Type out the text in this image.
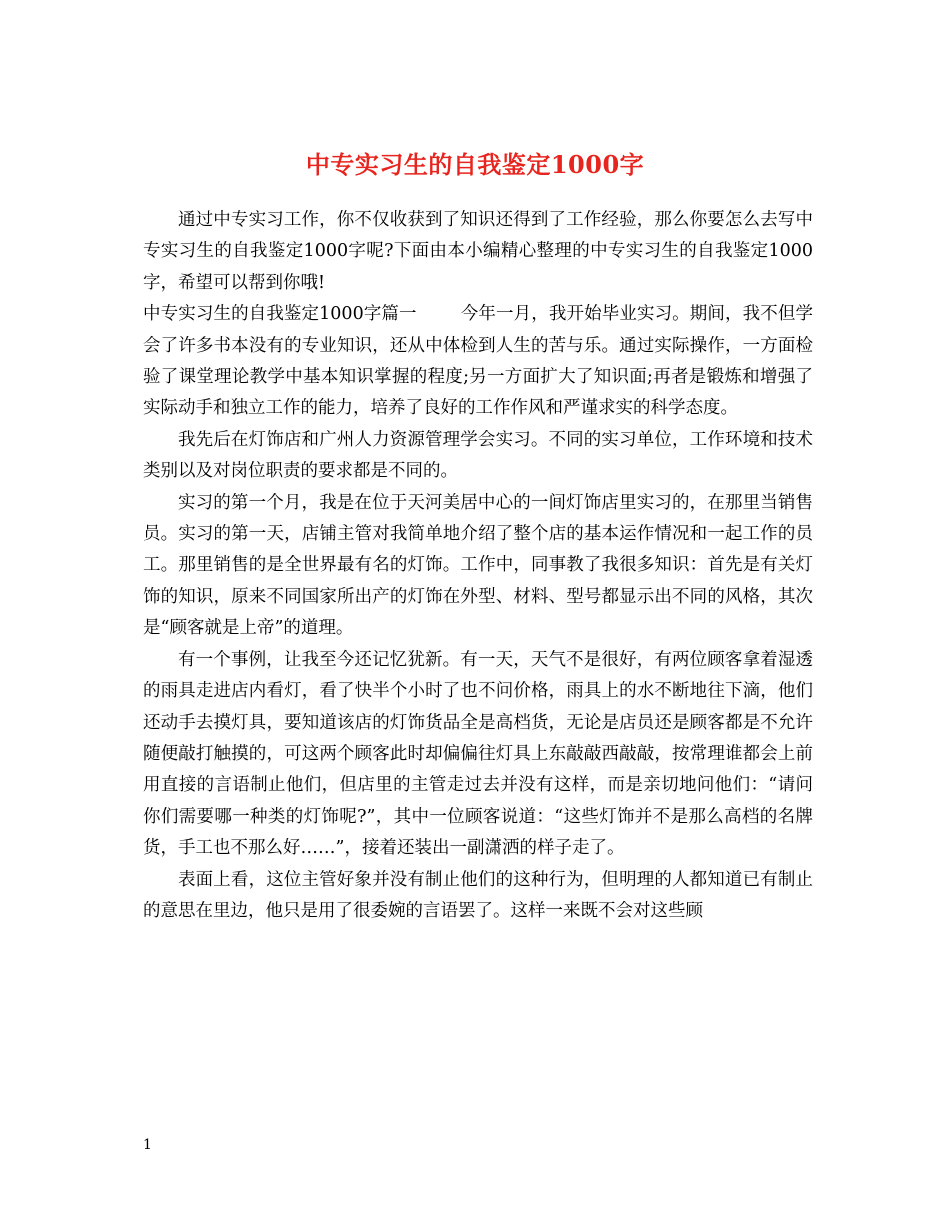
中专实习生的自我鉴定1000字

通过中专实习工作，你不仅收获到了知识还得到了工作经验，那么你要怎么去写中专实习生的自我鉴定1000字呢?下面由本小编精心整理的中专实习生的自我鉴定1000字，希望可以帮到你哦!

中专实习生的自我鉴定1000字篇一	今年一月，我开始毕业实习。期间，我不但学会了许多书本没有的专业知识，还从中体检到人生的苦与乐。通过实际操作，一方面检验了课堂理论教学中基本知识掌握的程度;另一方面扩大了知识面;再者是锻炼和增强了实际动手和独立工作的能力，培养了良好的工作作风和严谨求实的科学态度。

我先后在灯饰店和广州人力资源管理学会实习。不同的实习单位，工作环境和技术类别以及对岗位职责的要求都是不同的。

实习的第一个月，我是在位于天河美居中心的一间灯饰店里实习的，在那里当销售员。实习的第一天，店铺主管对我简单地介绍了整个店的基本运作情况和一起工作的员工。那里销售的是全世界最有名的灯饰。工作中，同事教了我很多知识：首先是有关灯饰的知识，原来不同国家所出产的灯饰在外型、材料、型号都显示出不同的风格，其次是“顾客就是上帝”的道理。

有一个事例，让我至今还记忆犹新。有一天，天气不是很好，有两位顾客拿着湿透的雨具走进店内看灯，看了快半个小时了也不问价格，雨具上的水不断地往下滴，他们还动手去摸灯具，要知道该店的灯饰货品全是高档货，无论是店员还是顾客都是不允许随便敲打触摸的，可这两个顾客此时却偏偏往灯具上东敲敲西敲敲，按常理谁都会上前用直接的言语制止他们，但店里的主管走过去并没有这样，而是亲切地问他们：“请问你们需要哪一种类的灯饰呢?”，其中一位顾客说道：“这些灯饰并不是那么高档的名牌货，手工也不那么好……”，接着还装出一副潇洒的样子走了。

表面上看，这位主管好象并没有制止他们的这种行为，但明理的人都知道已有制止的意思在里边，他只是用了很委婉的言语罢了。这样一来既不会对这些顾

1
